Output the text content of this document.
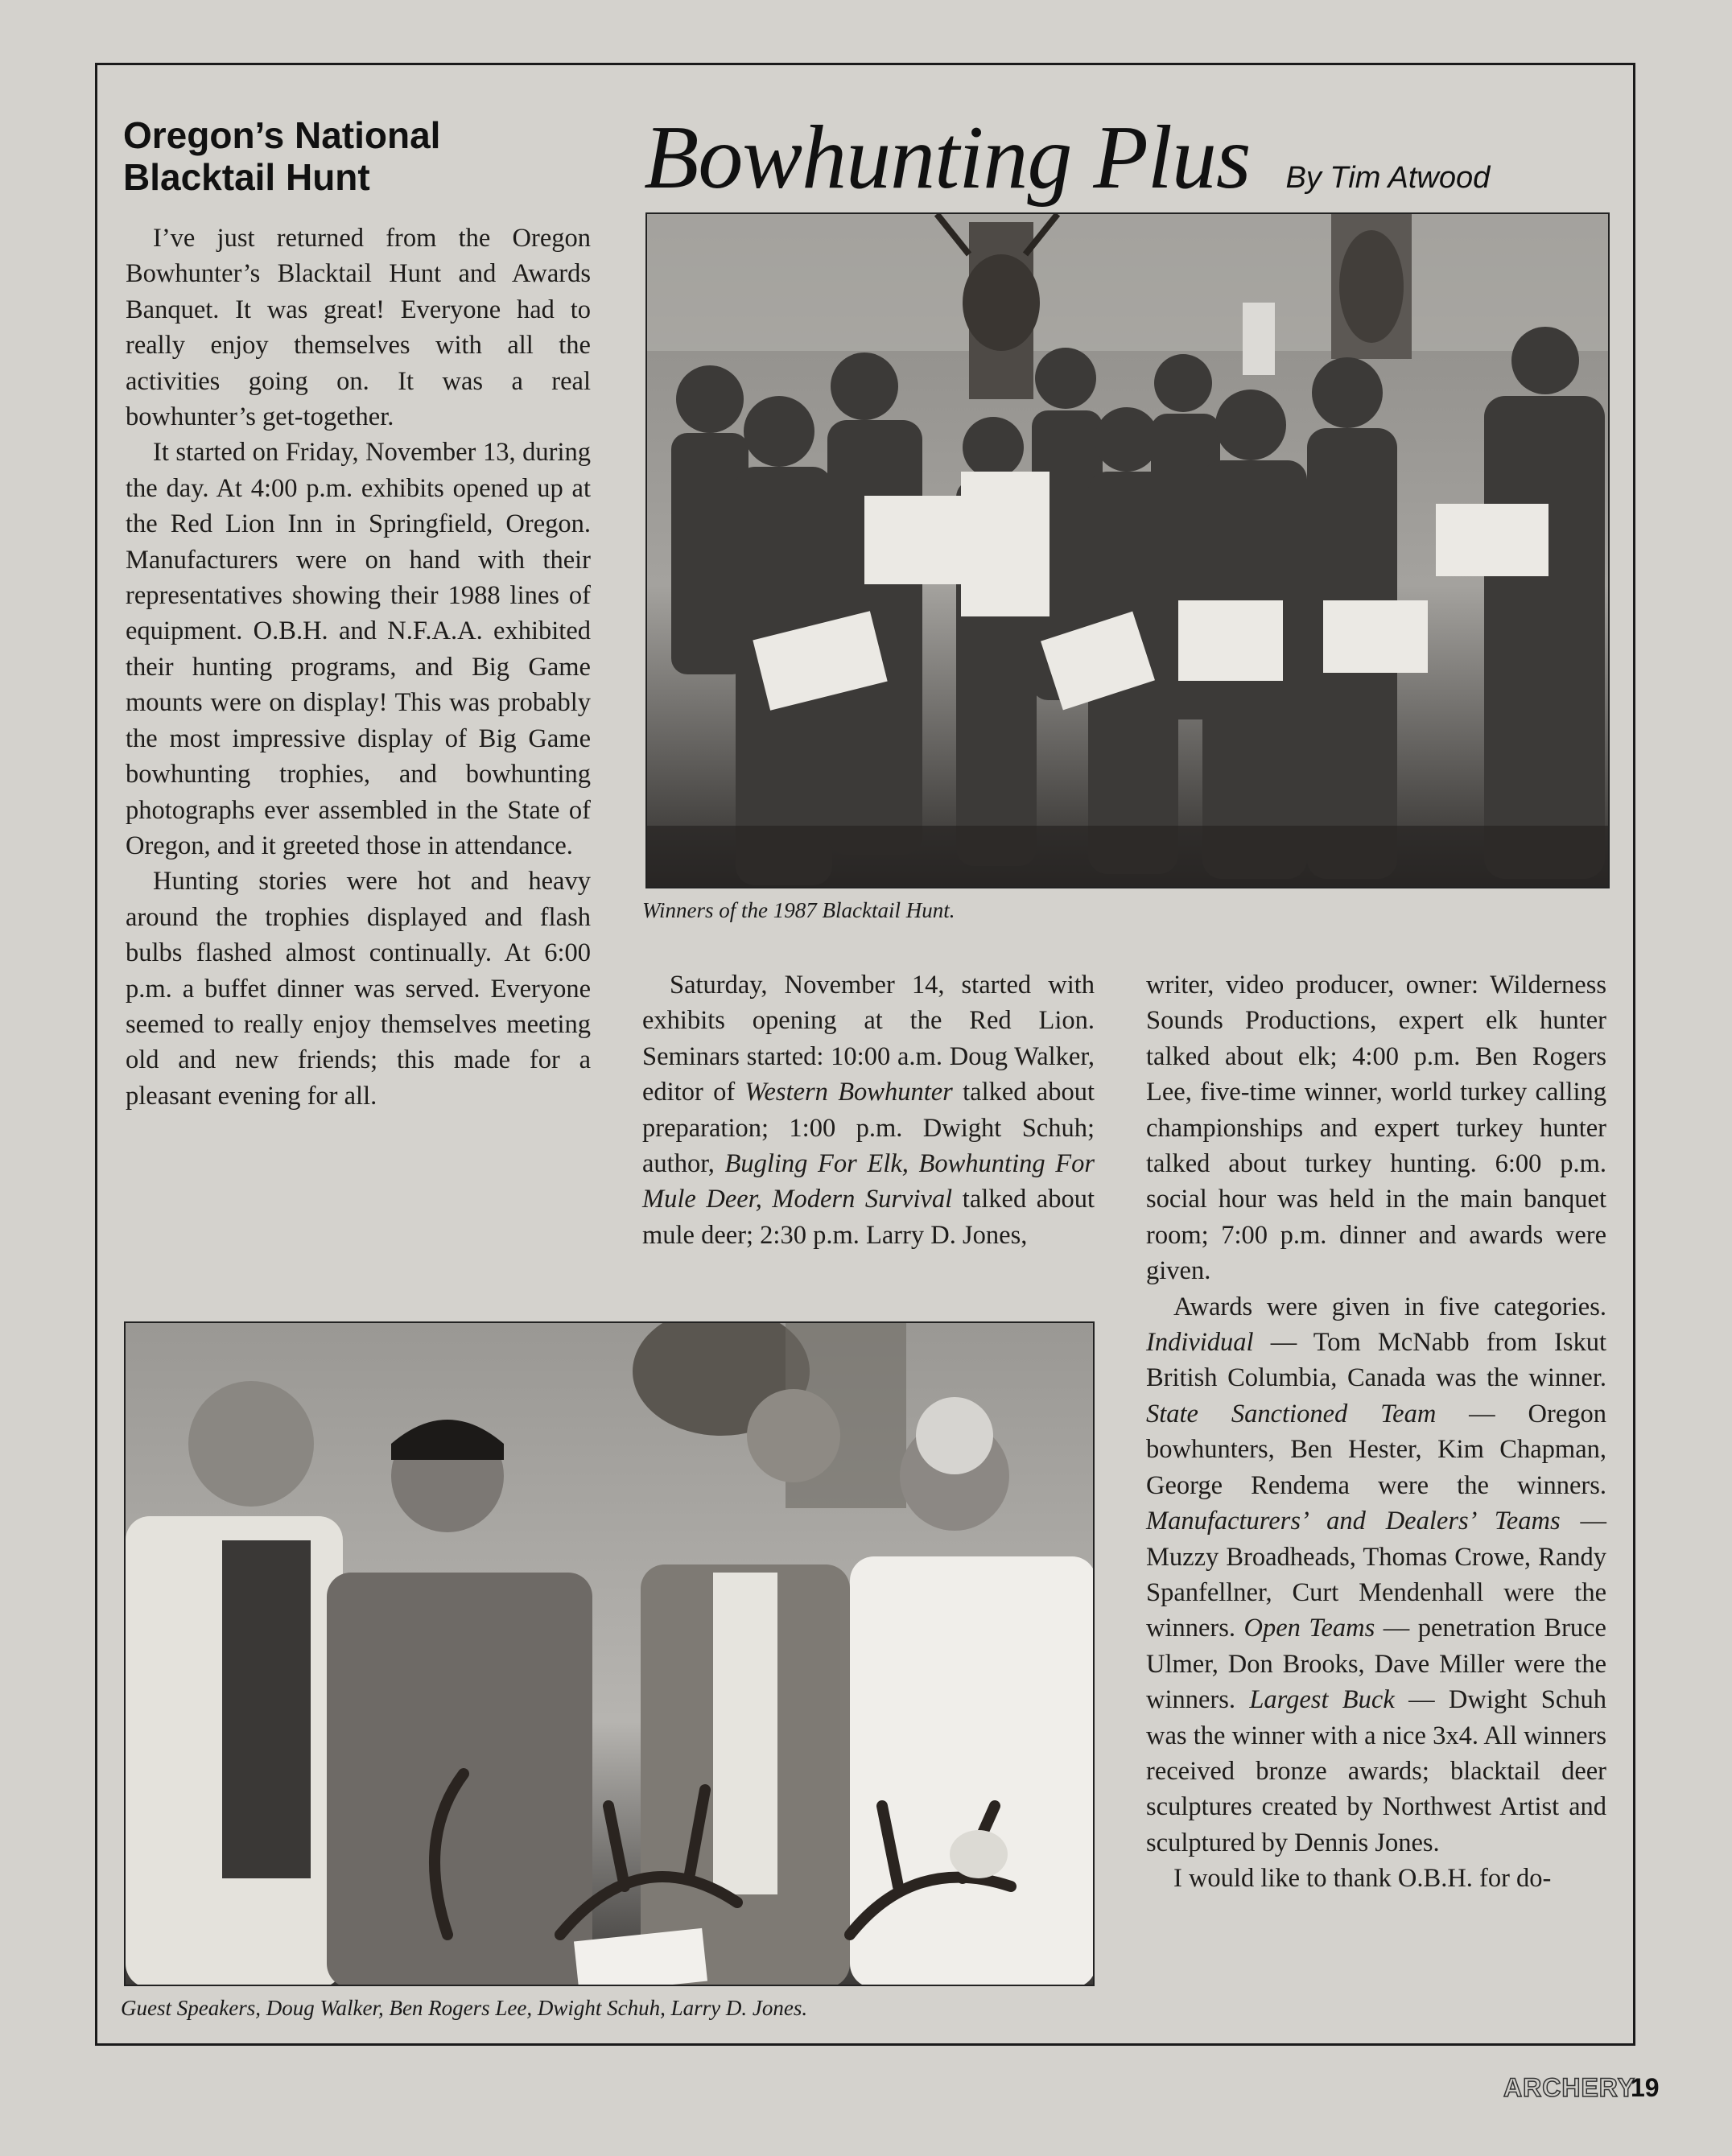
Oregon’s National
Blacktail Hunt	Bowhunting Plus By Tim Atwood

I’ve just returned from the Oregon Bowhunter’s Blacktail Hunt and Awards Banquet. It was great! Everyone had to really enjoy themselves with all the activities going on. It was a real bowhunter’s get-together.

It started on Friday, November 13, during the day. At 4:00 p.m. exhibits opened up at the Red Lion Inn in Springfield, Oregon. Manufacturers were on hand with their representatives showing their 1988 lines of equipment. O.B.H. and N.F.A.A. exhibited their hunting programs, and Big Game mounts were on display! This was probably the most impressive display of Big Game bowhunting trophies, and bowhunting photographs ever assembled in the State of Oregon, and it greeted those in attendance.

Hunting stories were hot and heavy around the trophies displayed and flash bulbs flashed almost continually. At 6:00 p.m. a buffet dinner was served. Everyone seemed to really enjoy themselves meeting old and new friends; this made for a pleasant evening for all.

Winners of the 1987 Blacktail Hunt.

Saturday, November 14, started with exhibits opening at the Red Lion. Seminars started: 10:00 a.m. Doug Walker, editor of Western Bowhunter talked about preparation; 1:00 p.m. Dwight Schuh; author, Bugling For Elk, Bowhunting For Mule Deer, Modern Survival talked about mule deer; 2:30 p.m. Larry D. Jones,

writer, video producer, owner: Wilderness Sounds Productions, expert elk hunter talked about elk; 4:00 p.m. Ben Rogers Lee, five-time winner, world turkey calling championships and expert turkey hunter talked about turkey hunting. 6:00 p.m. social hour was held in the main banquet room; 7:00 p.m. dinner and awards were given.

Awards were given in five categories. Individual — Tom McNabb from Iskut British Columbia, Canada was the winner. State Sanctioned Team — Oregon bowhunters, Ben Hester, Kim Chapman, George Rendema were the winners. Manufacturers’ and Dealers’ Teams — Muzzy Broadheads, Thomas Crowe, Randy Spanfellner, Curt Mendenhall were the winners. Open Teams — penetration Bruce Ulmer, Don Brooks, Dave Miller were the winners. Largest Buck — Dwight Schuh was the winner with a nice 3x4. All winners received bronze awards; blacktail deer sculptures created by Northwest Artist and sculptured by Dennis Jones.

I would like to thank O.B.H. for do-

Guest Speakers, Doug Walker, Ben Rogers Lee, Dwight Schuh, Larry D. Jones.
ARCHERY
19
